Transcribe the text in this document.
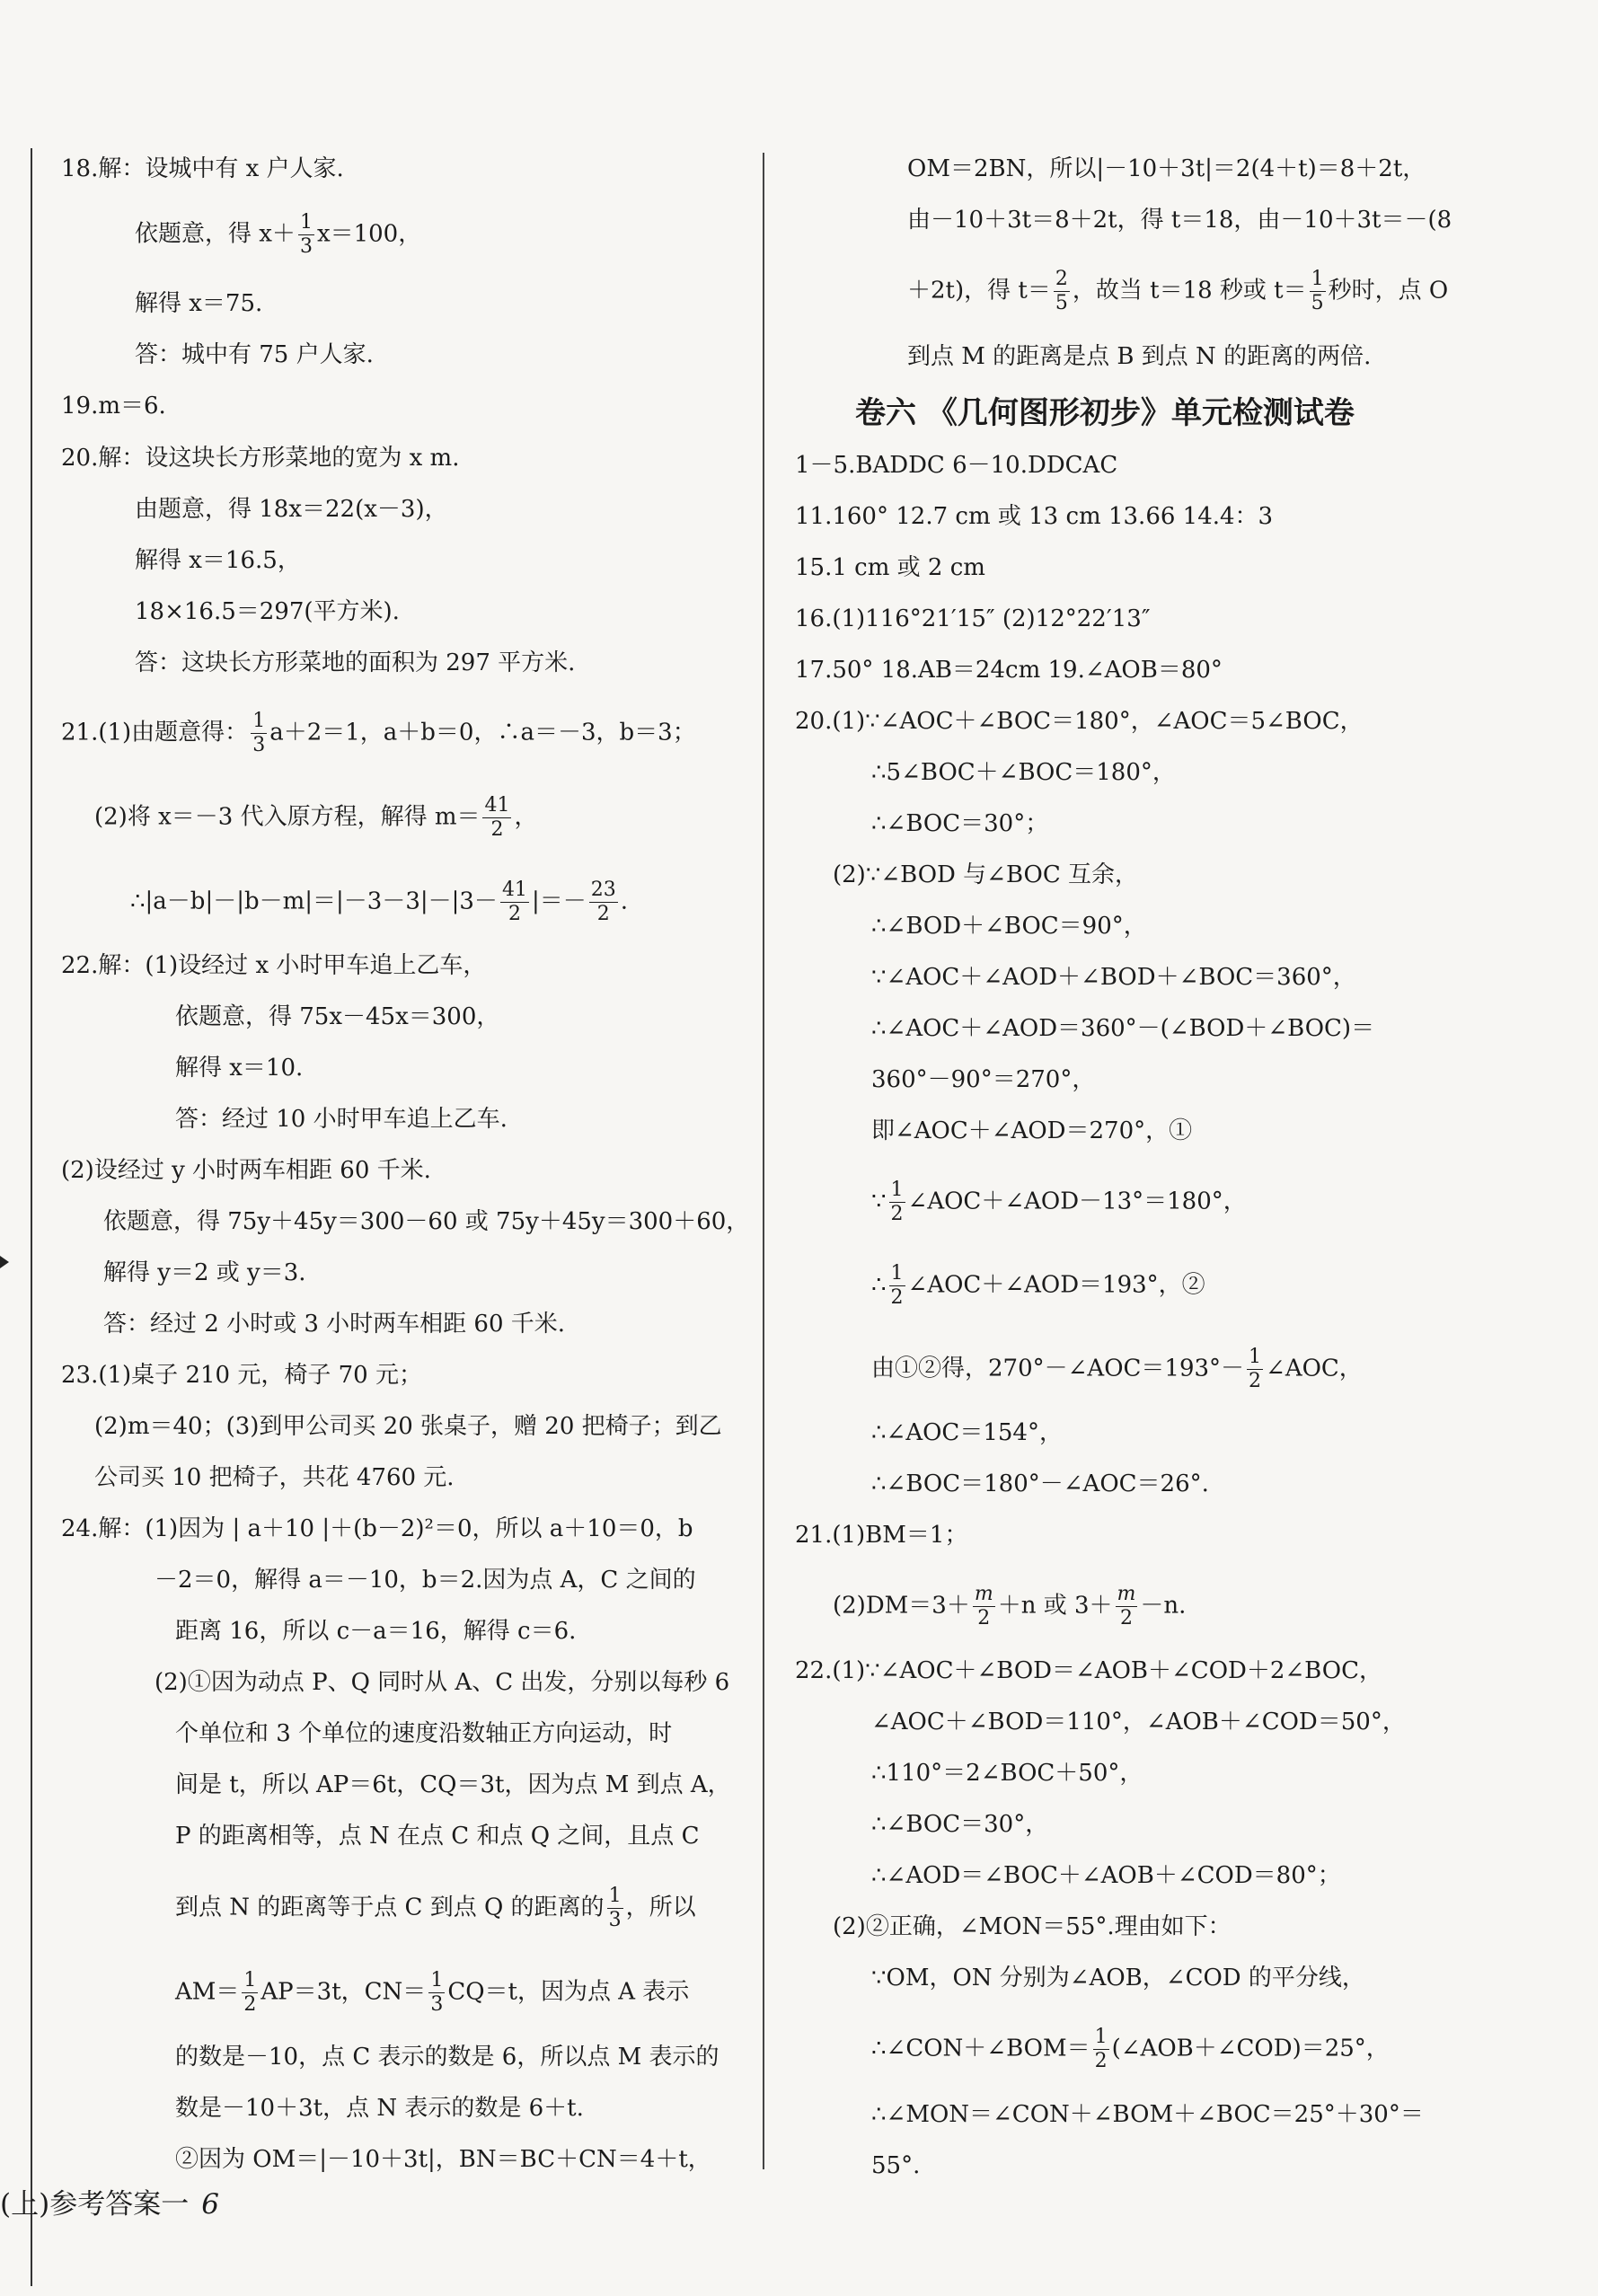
18.解：设城中有 x 户人家.
依题意，得 $x+ \frac{1}{3} x=100$，
解得 x＝75.
答：城中有 75 户人家.
19.m＝6.
20.解：设这块长方形菜地的宽为 x m.
由题意，得 18x＝22(x－3)，
解得 x＝16.5，
18×16.5＝297(平方米).
答：这块长方形菜地的面积为 297 平方米.
21.(1)由题意得： $\frac{1}{3} a+2=1$，a＋b＝0，∴a＝－3，b＝3；
(2)将 x＝－3 代入原方程，解得 $m= \frac{41}{2}$ ，
∴|a－b|－|b－m|＝|－3－3|－|3－ $\frac{41}{2}$ |＝－ $\frac{23}{2}$ .
22.解：(1)设经过 x 小时甲车追上乙车，
依题意，得 75x－45x＝300，
解得 x＝10.
答：经过 10 小时甲车追上乙车.
(2)设经过 y 小时两车相距 60 千米.
依题意，得 75y＋45y＝300－60 或 75y＋45y＝300＋60，
解得 y＝2 或 y＝3.
答：经过 2 小时或 3 小时两车相距 60 千米.
23.(1)桌子 210 元，椅子 70 元；
(2)m＝40；(3)到甲公司买 20 张桌子，赠 20 把椅子；到乙
公司买 10 把椅子，共花 4760 元.
24.解：(1)因为 | a＋10 |＋(b－2)²＝0，所以 a＋10＝0，b
－2＝0，解得 a＝－10，b＝2.因为点 A，C 之间的
距离 16，所以 c－a＝16，解得 c＝6.
(2)①因为动点 P、Q 同时从 A、C 出发，分别以每秒 6
个单位和 3 个单位的速度沿数轴正方向运动，时
间是 t，所以 AP＝6t，CQ＝3t，因为点 M 到点 A，
P 的距离相等，点 N 在点 C 和点 Q 之间，且点 C
到点 N 的距离等于点 C 到点 Q 的距离的 $\frac{1}{3}$ ，所以
$AM= \frac{1}{2} AP=3t$，$CN= \frac{1}{3} CQ=t$，因为点 A 表示
的数是－10，点 C 表示的数是 6，所以点 M 表示的
数是－10＋3t，点 N 表示的数是 6＋t.
②因为 OM＝|－10＋3t|，BN＝BC＋CN＝4＋t，
OM＝2BN，所以|－10＋3t|＝2(4＋t)＝8＋2t，
由－10＋3t＝8＋2t，得 t＝18，由－10＋3t＝－(8
＋2t)，得 $t= \frac{2}{5}$ ，故当 t＝18 秒或 $t= \frac{1}{5}$ 秒时，点 O
到点 M 的距离是点 B 到点 N 的距离的两倍.
卷六 《几何图形初步》单元检测试卷
1－5.BADDC 6－10.DDCAC
11.160° 12.7 cm 或 13 cm 13.66 14.4：3
15.1 cm 或 2 cm
16.(1)116°21′15″ (2)12°22′13″
17.50° 18.AB＝24cm 19.∠AOB＝80°
20.(1)∵∠AOC＋∠BOC＝180°，∠AOC＝5∠BOC，
∴5∠BOC＋∠BOC＝180°，
∴∠BOC＝30°；
(2)∵∠BOD 与∠BOC 互余，
∴∠BOD＋∠BOC＝90°，
∵∠AOC＋∠AOD＋∠BOD＋∠BOC＝360°，
∴∠AOC＋∠AOD＝360°－(∠BOD＋∠BOC)＝
360°－90°＝270°，
即∠AOC＋∠AOD＝270°，①
∵ $\frac{1}{2}$ ∠AOC＋∠AOD－13°＝180°，
∴ $\frac{1}{2}$ ∠AOC＋∠AOD＝193°，②
由①②得，270°－∠AOC＝193°－ $\frac{1}{2}$ ∠AOC，
∴∠AOC＝154°，
∴∠BOC＝180°－∠AOC＝26°.
21.(1)BM＝1；
$(2)DM=3+ \frac{m}{2} +n$ 或 $3+ \frac{m}{2} -n$.
22.(1)∵∠AOC＋∠BOD＝∠AOB＋∠COD＋2∠BOC，
∠AOC＋∠BOD＝110°，∠AOB＋∠COD＝50°，
∴110°＝2∠BOC＋50°，
∴∠BOC＝30°，
∴∠AOD＝∠BOC＋∠AOB＋∠COD＝80°；
(2)②正确，∠MON＝55°.理由如下：
∵OM，ON 分别为∠AOB，∠COD 的平分线，
∴∠CON＋∠BOM＝ $\frac{1}{2}$ (∠AOB＋∠COD)＝25°，
∴∠MON＝∠CON＋∠BOM＋∠BOC＝25°＋30°＝
55°.
(上)参考答案一 6
